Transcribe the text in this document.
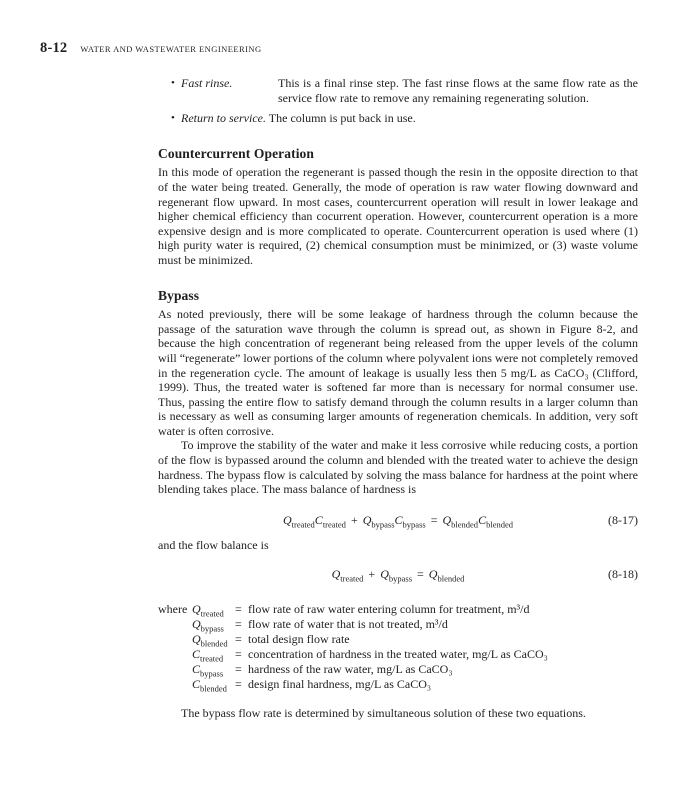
8-12 WATER AND WASTEWATER ENGINEERING
• Fast rinse.	This is a final rinse step. The fast rinse flows at the same flow rate as the service flow rate to remove any remaining regenerating solution.
• Return to service. The column is put back in use.
Countercurrent Operation

In this mode of operation the regenerant is passed though the resin in the opposite direction to that of the water being treated. Generally, the mode of operation is raw water flowing downward and regenerant flow upward. In most cases, countercurrent operation will result in lower leakage and higher chemical efficiency than cocurrent operation. However, countercurrent operation is a more expensive design and is more complicated to operate. Countercurrent operation is used where (1) high purity water is required, (2) chemical consumption must be minimized, or (3) waste volume must be minimized.

Bypass

As noted previously, there will be some leakage of hardness through the column because the passage of the saturation wave through the column is spread out, as shown in Figure 8-2, and because the high concentration of regenerant being released from the upper levels of the column will “regenerate” lower portions of the column where polyvalent ions were not completely removed in the regeneration cycle. The amount of leakage is usually less then 5 mg/L as CaCO₃ (Clifford, 1999). Thus, the treated water is softened far more than is necessary for normal consumer use. Thus, passing the entire flow to satisfy demand through the column results in a larger column than is necessary as well as consuming larger amounts of regeneration chemicals. In addition, very soft water is often corrosive.

To improve the stability of the water and make it less corrosive while reducing costs, a portion of the flow is bypassed around the column and blended with the treated water to achieve the design hardness. The bypass flow is calculated by solving the mass balance for hardness at the point where blending takes place. The mass balance of hardness is

$Q_{treated}C_{treated} + Q_{bypass}C_{bypass} = Q_{blended}C_{blended}$	(8-17)

and the flow balance is

$Q_{treated} + Q_{bypass} = Q_{blended}$	(8-18)
where $Q_{treated}$ = flow rate of raw water entering column for treatment, m³/d
$Q_{bypass}$ = flow rate of water that is not treated, m³/d
$Q_{blended}$ = total design flow rate
$C_{treated}$ = concentration of hardness in the treated water, mg/L as CaCO₃
$C_{bypass}$ = hardness of the raw water, mg/L as CaCO₃
$C_{blended}$ = design final hardness, mg/L as CaCO₃

The bypass flow rate is determined by simultaneous solution of these two equations.
